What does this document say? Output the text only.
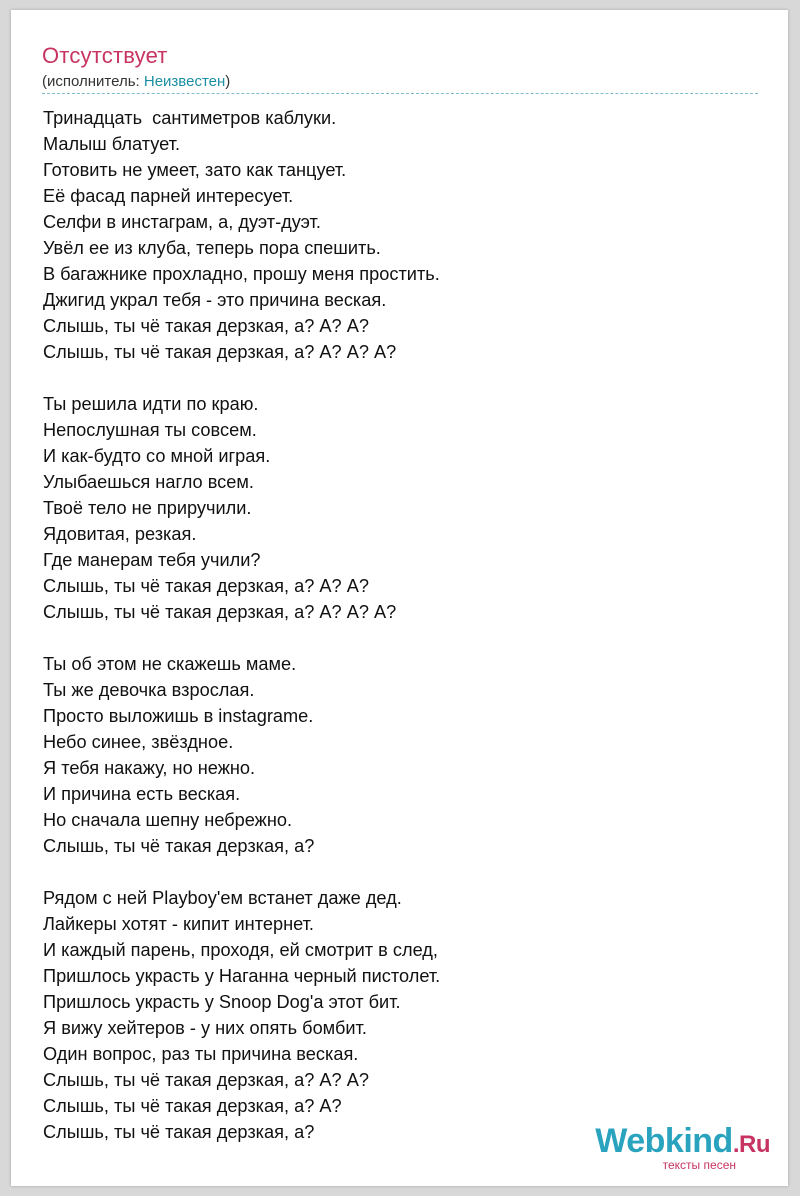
Отсутствует
(исполнитель: Неизвестен)
Тринадцать  сантиметров каблуки.
Малыш блатует.
Готовить не умеет, зато как танцует.
Её фасад парней интересует.
Селфи в инстаграм, а, дуэт-дуэт.
Увёл ее из клуба, теперь пора спешить.
В багажнике прохладно, прошу меня простить.
Джигид украл тебя - это причина веская.
Слышь, ты чё такая дерзкая, а? А? А?
Слышь, ты чё такая дерзкая, а? А? А? А?
Ты решила идти по краю.
Непослушная ты совсем.
И как-будто со мной играя.
Улыбаешься нагло всем.
Твоё тело не приручили.
Ядовитая, резкая.
Где манерам тебя учили?
Слышь, ты чё такая дерзкая, а? А? А?
Слышь, ты чё такая дерзкая, а? А? А? А?
Ты об этом не скажешь маме.
Ты же девочка взрослая.
Просто выложишь в instagrame.
Небо синее, звёздное.
Я тебя накажу, но нежно.
И причина есть веская.
Но сначала шепну небрежно.
Слышь, ты чё такая дерзкая, а?
Рядом с ней Playboy'ем встанет даже дед.
Лайкеры хотят - кипит интернет.
И каждый парень, проходя, ей смотрит в след,
Пришлось украсть у Наганна черный пистолет.
Пришлось украсть у Snoop Dog'a этот бит.
Я вижу хейтеров - у них опять бомбит.
Один вопрос, раз ты причина веская.
Слышь, ты чё такая дерзкая, а? А? А?
Слышь, ты чё такая дерзкая, а? А?
Слышь, ты чё такая дерзкая, а?	Webkind.Ru
тексты песен
